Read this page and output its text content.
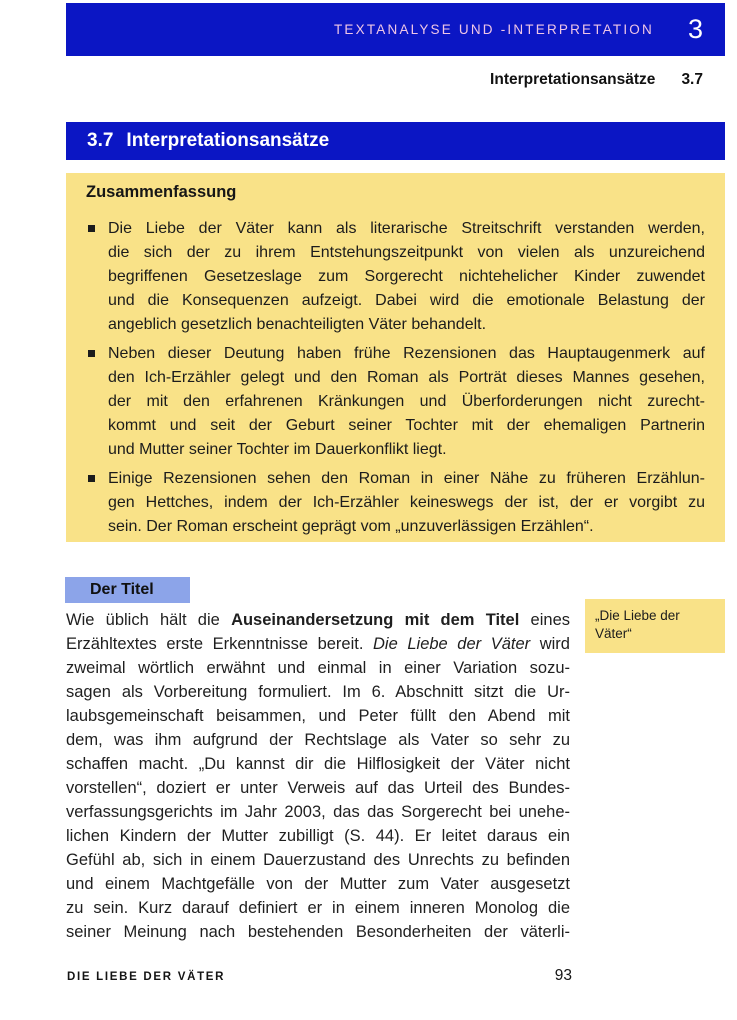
TEXTANALYSE UND -INTERPRETATION 3
Interpretationsansätze 3.7
3.7 Interpretationsansätze
Zusammenfassung
Die Liebe der Väter kann als literarische Streitschrift verstanden werden,
die sich der zu ihrem Entstehungszeitpunkt von vielen als unzureichend
begriffenen Gesetzeslage zum Sorgerecht nichtehelicher Kinder zuwendet
und die Konsequenzen aufzeigt. Dabei wird die emotionale Belastung der
angeblich gesetzlich benachteiligten Väter behandelt.
Neben dieser Deutung haben frühe Rezensionen das Hauptaugenmerk auf
den Ich-Erzähler gelegt und den Roman als Porträt dieses Mannes gesehen,
der mit den erfahrenen Kränkungen und Überforderungen nicht zurecht-
kommt und seit der Geburt seiner Tochter mit der ehemaligen Partnerin
und Mutter seiner Tochter im Dauerkonflikt liegt.
Einige Rezensionen sehen den Roman in einer Nähe zu früheren Erzählun-
gen Hettches, indem der Ich-Erzähler keineswegs der ist, der er vorgibt zu
sein. Der Roman erscheint geprägt vom „unzuverlässigen Erzählen“.
Der Titel
„Die Liebe der
Väter“
Wie üblich hält die Auseinandersetzung mit dem Titel eines
Erzähltextes erste Erkenntnisse bereit. Die Liebe der Väter wird
zweimal wörtlich erwähnt und einmal in einer Variation sozu-
sagen als Vorbereitung formuliert. Im 6. Abschnitt sitzt die Ur-
laubsgemeinschaft beisammen, und Peter füllt den Abend mit
dem, was ihm aufgrund der Rechtslage als Vater so sehr zu
schaffen macht. „Du kannst dir die Hilflosigkeit der Väter nicht
vorstellen“, doziert er unter Verweis auf das Urteil des Bundes-
verfassungsgerichts im Jahr 2003, das das Sorgerecht bei unehe-
lichen Kindern der Mutter zubilligt (S. 44). Er leitet daraus ein
Gefühl ab, sich in einem Dauerzustand des Unrechts zu befinden
und einem Machtgefälle von der Mutter zum Vater ausgesetzt
zu sein. Kurz darauf definiert er in einem inneren Monolog die
seiner Meinung nach bestehenden Besonderheiten der väterli-
DIE LIEBE DER VÄTER	93
